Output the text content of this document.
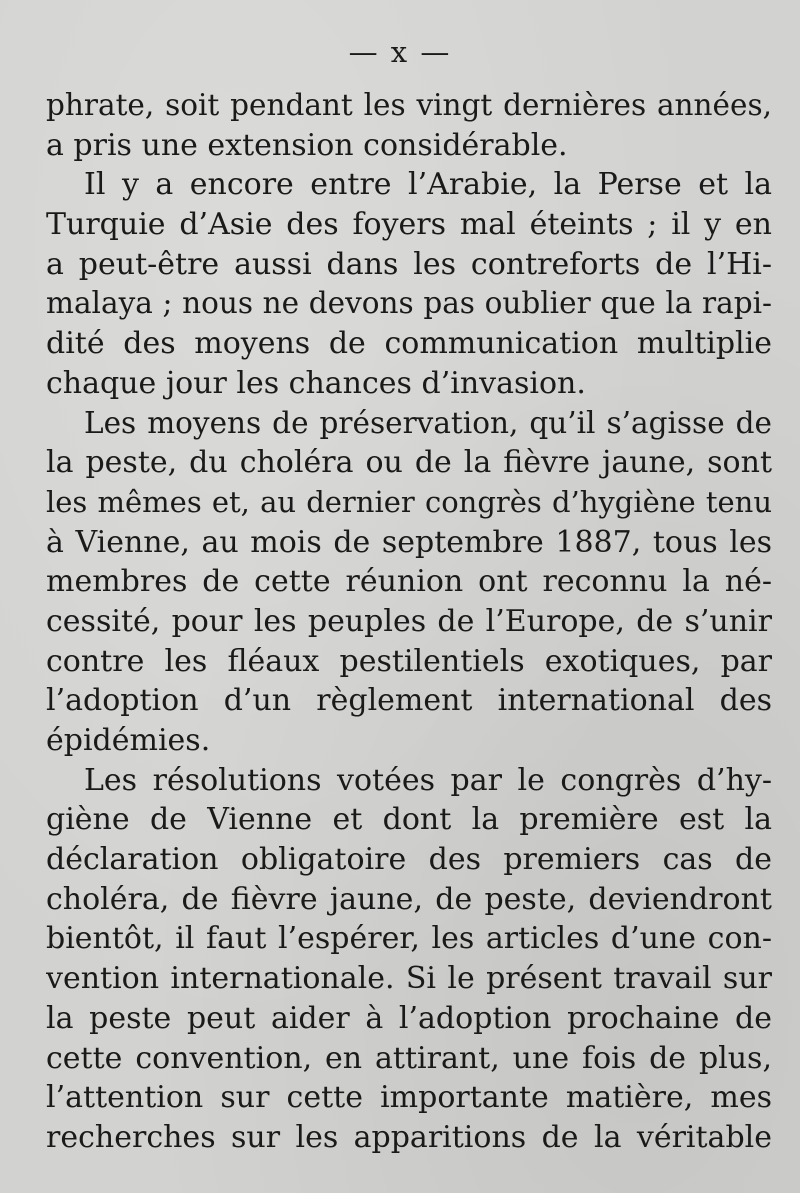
— x —
phrate, soit pendant les vingt dernières années,
a pris une extension considérable.
Il y a encore entre l’Arabie, la Perse et la
Turquie d’Asie des foyers mal éteints ; il y en
a peut-être aussi dans les contreforts de l’Hi-
malaya ; nous ne devons pas oublier que la rapi-
dité des moyens de communication multiplie
chaque jour les chances d’invasion.
Les moyens de préservation, qu’il s’agisse de
la peste, du choléra ou de la fièvre jaune, sont
les mêmes et, au dernier congrès d’hygiène tenu
à Vienne, au mois de septembre 1887, tous les
membres de cette réunion ont reconnu la né-
cessité, pour les peuples de l’Europe, de s’unir
contre les fléaux pestilentiels exotiques, par
l’adoption d’un règlement international des
épidémies.
Les résolutions votées par le congrès d’hy-
giène de Vienne et dont la première est la
déclaration obligatoire des premiers cas de
choléra, de fièvre jaune, de peste, deviendront
bientôt, il faut l’espérer, les articles d’une con-
vention internationale. Si le présent travail sur
la peste peut aider à l’adoption prochaine de
cette convention, en attirant, une fois de plus,
l’attention sur cette importante matière, mes
recherches sur les apparitions de la véritable
